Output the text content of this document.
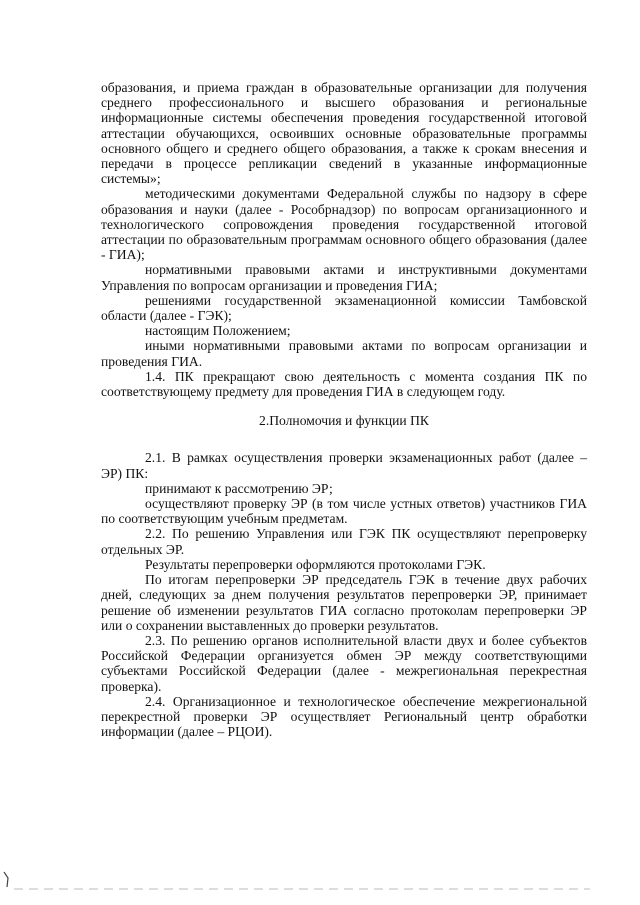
образования, и приема граждан в образовательные организации для получения среднего профессионального и высшего образования и региональные информационные системы обеспечения проведения государственной итоговой аттестации обучающихся, освоивших основные образовательные программы основного общего и среднего общего образования, а также к срокам внесения и передачи в процессе репликации сведений в указанные информационные системы»;

методическими документами Федеральной службы по надзору в сфере образования и науки (далее - Рособрнадзор) по вопросам организационного и технологического сопровождения проведения государственной итоговой аттестации по образовательным программам основного общего образования (далее - ГИА);

нормативными правовыми актами и инструктивными документами Управления по вопросам организации и проведения ГИА;

решениями государственной экзаменационной комиссии Тамбовской области (далее - ГЭК);

настоящим Положением;

иными нормативными правовыми актами по вопросам организации и проведения ГИА.

1.4. ПК прекращают свою деятельность с момента создания ПК по соответствующему предмету для проведения ГИА в следующем году.

2.Полномочия и функции ПК

2.1. В рамках осуществления проверки экзаменационных работ (далее – ЭР) ПК:

принимают к рассмотрению ЭР;

осуществляют проверку ЭР (в том числе устных ответов) участников ГИА по соответствующим учебным предметам.

2.2. По решению Управления или ГЭК ПК осуществляют перепроверку отдельных ЭР.

Результаты перепроверки оформляются протоколами ГЭК.

По итогам перепроверки ЭР председатель ГЭК в течение двух рабочих дней, следующих за днем получения результатов перепроверки ЭР, принимает решение об изменении результатов ГИА согласно протоколам перепроверки ЭР или о сохранении выставленных до проверки результатов.

2.3. По решению органов исполнительной власти двух и более субъектов Российской Федерации организуется обмен ЭР между соответствующими субъектами Российской Федерации (далее - межрегиональная перекрестная проверка).

2.4. Организационное и технологическое обеспечение межрегиональной перекрестной проверки ЭР осуществляет Региональный центр обработки информации (далее – РЦОИ).
